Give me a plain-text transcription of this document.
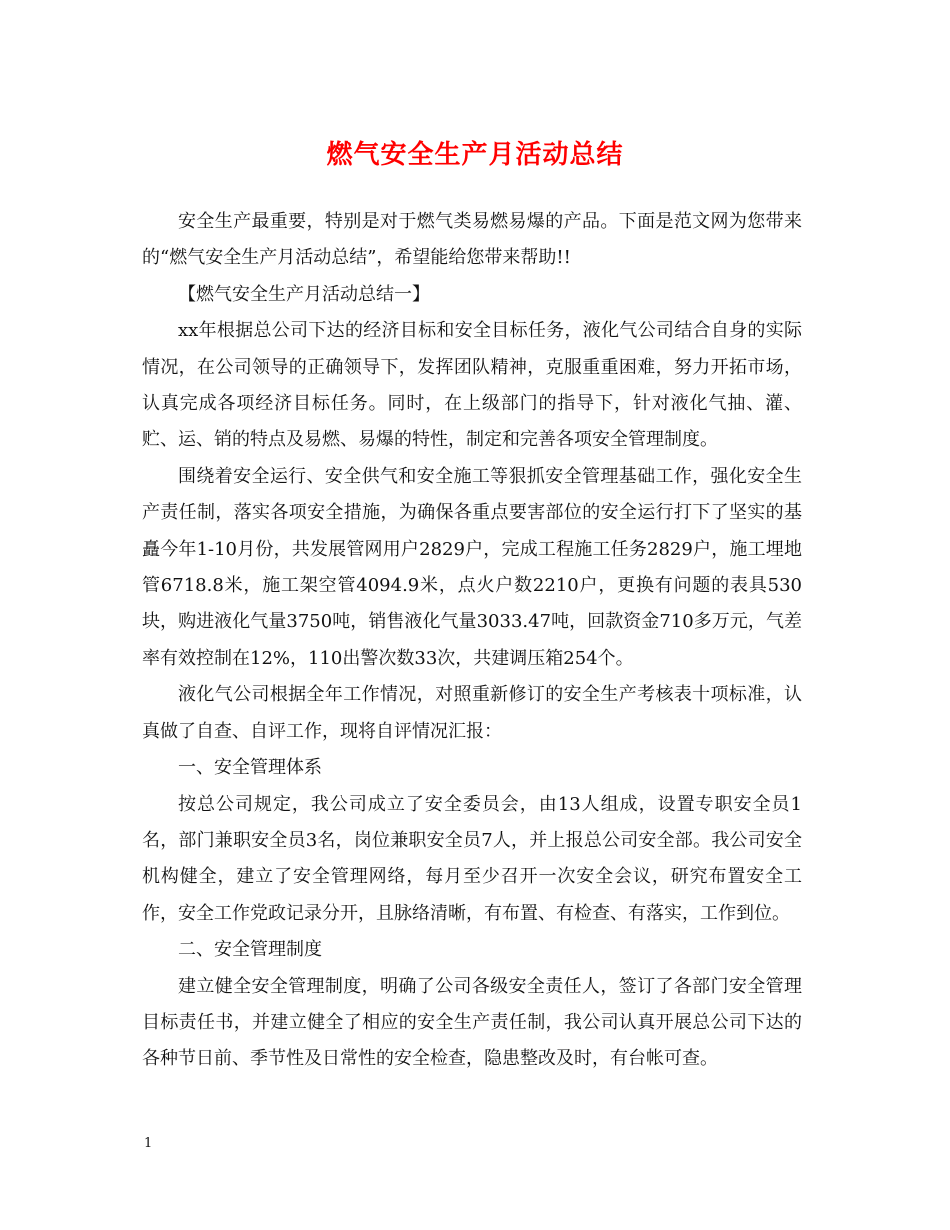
燃气安全生产月活动总结

安全生产最重要，特别是对于燃气类易燃易爆的产品。下面是范文网为您带来的“燃气安全生产月活动总结”，希望能给您带来帮助!!

【燃气安全生产月活动总结一】

xx年根据总公司下达的经济目标和安全目标任务，液化气公司结合自身的实际情况，在公司领导的正确领导下，发挥团队精神，克服重重困难，努力开拓市场，认真完成各项经济目标任务。同时，在上级部门的指导下，针对液化气抽、灌、贮、运、销的特点及易燃、易爆的特性，制定和完善各项安全管理制度。

围绕着安全运行、安全供气和安全施工等狠抓安全管理基础工作，强化安全生产责任制，落实各项安全措施，为确保各重点要害部位的安全运行打下了坚实的基矗今年1-10月份，共发展管网用户2829户，完成工程施工任务2829户，施工埋地管6718.8米，施工架空管4094.9米，点火户数2210户，更换有问题的表具530块，购进液化气量3750吨，销售液化气量3033.47吨，回款资金710多万元，气差率有效控制在12%，110出警次数33次，共建调压箱254个。

液化气公司根据全年工作情况，对照重新修订的安全生产考核表十项标准，认真做了自查、自评工作，现将自评情况汇报：

一、安全管理体系

按总公司规定，我公司成立了安全委员会，由13人组成，设置专职安全员1名，部门兼职安全员3名，岗位兼职安全员7人，并上报总公司安全部。我公司安全机构健全，建立了安全管理网络，每月至少召开一次安全会议，研究布置安全工作，安全工作党政记录分开，且脉络清晰，有布置、有检查、有落实，工作到位。

二、安全管理制度

建立健全安全管理制度，明确了公司各级安全责任人，签订了各部门安全管理目标责任书，并建立健全了相应的安全生产责任制，我公司认真开展总公司下达的各种节日前、季节性及日常性的安全检查，隐患整改及时，有台帐可查。

1
